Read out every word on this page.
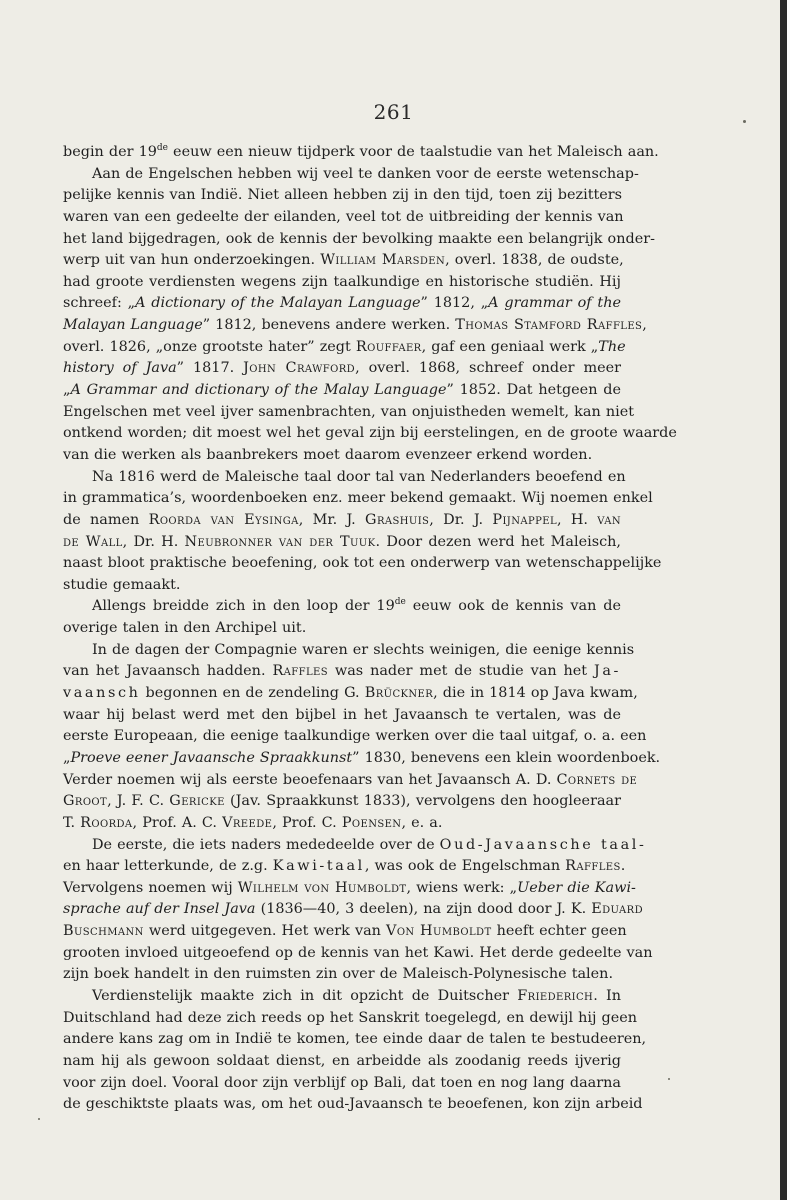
261
begin der 19de eeuw een nieuw tijdperk voor de taalstudie van het Maleisch aan.
Aan de Engelschen hebben wij veel te danken voor de eerste wetenschap-
pelijke kennis van Indië. Niet alleen hebben zij in den tijd, toen zij bezitters
waren van een gedeelte der eilanden, veel tot de uitbreiding der kennis van
het land bijgedragen, ook de kennis der bevolking maakte een belangrijk onder-
werp uit van hun onderzoekingen. William Marsden, overl. 1838, de oudste,
had groote verdiensten wegens zijn taalkundige en historische studiën. Hij
schreef: „A dictionary of the Malayan Language” 1812, „A grammar of the
Malayan Language” 1812, benevens andere werken. Thomas Stamford Raffles,
overl. 1826, „onze grootste hater” zegt Rouffaer, gaf een geniaal werk „The
history of Java” 1817. John Crawford, overl. 1868, schreef onder meer
„A Grammar and dictionary of the Malay Language” 1852. Dat hetgeen de
Engelschen met veel ijver samenbrachten, van onjuistheden wemelt, kan niet
ontkend worden; dit moest wel het geval zijn bij eerstelingen, en de groote waarde
van die werken als baanbrekers moet daarom evenzeer erkend worden.
Na 1816 werd de Maleische taal door tal van Nederlanders beoefend en
in grammatica’s, woordenboeken enz. meer bekend gemaakt. Wij noemen enkel
de namen Roorda van Eysinga, Mr. J. Grashuis, Dr. J. Pijnappel, H. van
de Wall, Dr. H. Neubronner van der Tuuk. Door dezen werd het Maleisch,
naast bloot praktische beoefening, ook tot een onderwerp van wetenschappelijke
studie gemaakt.
Allengs breidde zich in den loop der 19de eeuw ook de kennis van de
overige talen in den Archipel uit.
In de dagen der Compagnie waren er slechts weinigen, die eenige kennis
van het Javaansch hadden. Raffles was nader met de studie van het Ja-
vaansch begonnen en de zendeling G. Brückner, die in 1814 op Java kwam,
waar hij belast werd met den bijbel in het Javaansch te vertalen, was de
eerste Europeaan, die eenige taalkundige werken over die taal uitgaf, o. a. een
„Proeve eener Javaansche Spraakkunst” 1830, benevens een klein woordenboek.
Verder noemen wij als eerste beoefenaars van het Javaansch A. D. Cornets de
Groot, J. F. C. Gericke (Jav. Spraakkunst 1833), vervolgens den hoogleeraar
T. Roorda, Prof. A. C. Vreede, Prof. C. Poensen, e. a.
De eerste, die iets naders mededeelde over de Oud-Javaansche taal-
en haar letterkunde, de z.g. Kawi-taal, was ook de Engelschman Raffles.
Vervolgens noemen wij Wilhelm von Humboldt, wiens werk: „Ueber die Kawi-
sprache auf der Insel Java (1836—40, 3 deelen), na zijn dood door J. K. Eduard
Buschmann werd uitgegeven. Het werk van Von Humboldt heeft echter geen
grooten invloed uitgeoefend op de kennis van het Kawi. Het derde gedeelte van
zijn boek handelt in den ruimsten zin over de Maleisch-Polynesische talen.
Verdienstelijk maakte zich in dit opzicht de Duitscher Friederich. In
Duitschland had deze zich reeds op het Sanskrit toegelegd, en dewijl hij geen
andere kans zag om in Indië te komen, tee einde daar de talen te bestudeeren,
nam hij als gewoon soldaat dienst, en arbeidde als zoodanig reeds ijverig
voor zijn doel. Vooral door zijn verblijf op Bali, dat toen en nog lang daarna
de geschiktste plaats was, om het oud-Javaansch te beoefenen, kon zijn arbeid
